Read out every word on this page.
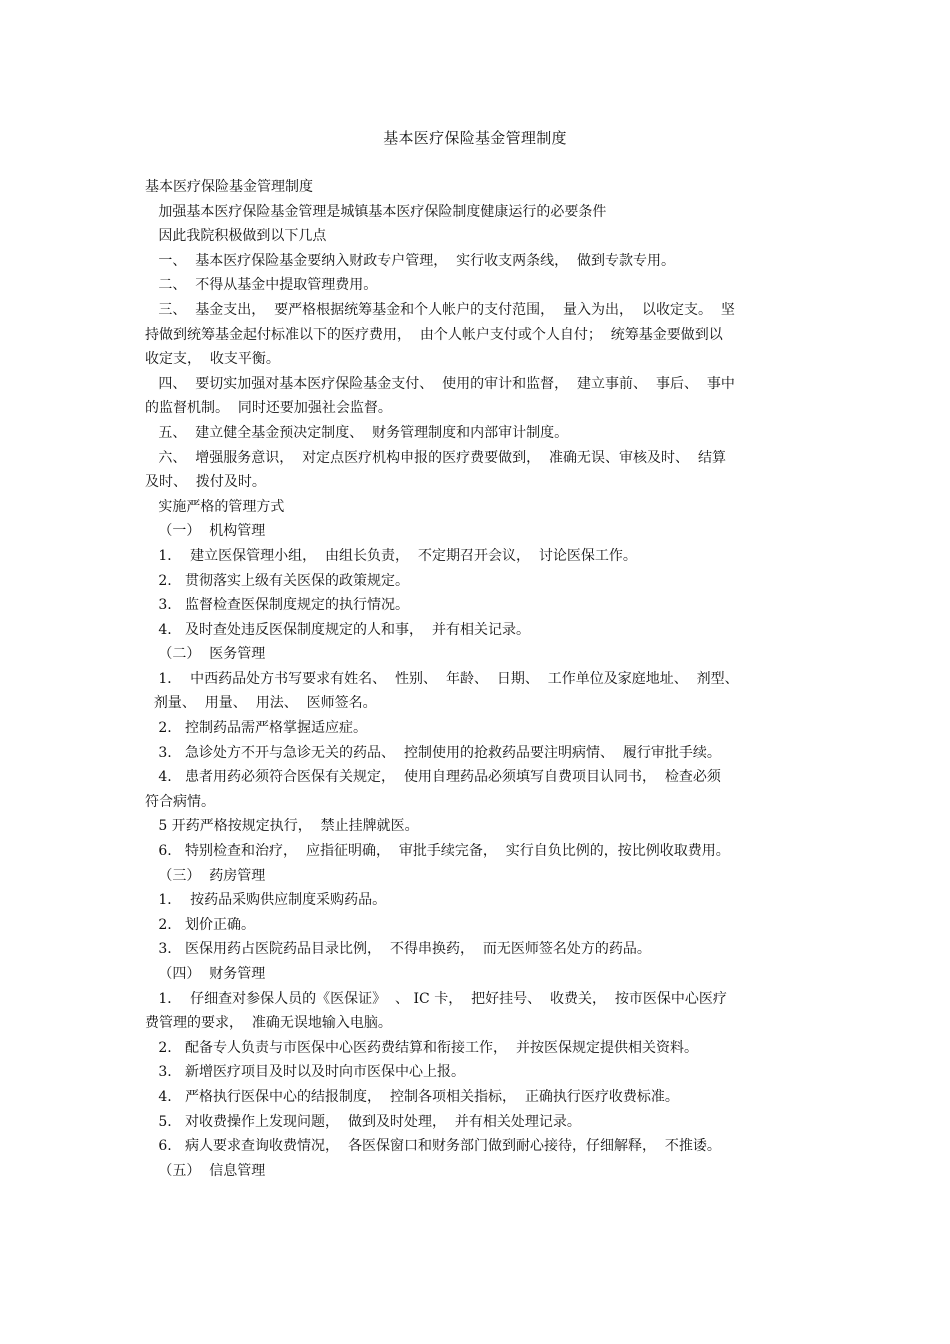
基本医疗保险基金管理制度
基本医疗保险基金管理制度
加强基本医疗保险基金管理是城镇基本医疗保险制度健康运行的必要条件
因此我院积极做到以下几点
一、  基本医疗保险基金要纳入财政专户管理，  实行收支两条线，  做到专款专用。
二、  不得从基金中提取管理费用。
三、  基金支出，  要严格根据统筹基金和个人帐户的支付范围，  量入为出，  以收定支。  坚
持做到统筹基金起付标准以下的医疗费用，  由个人帐户支付或个人自付；  统筹基金要做到以
收定支，  收支平衡。
四、  要切实加强对基本医疗保险基金支付、  使用的审计和监督，  建立事前、  事后、  事中
的监督机制。  同时还要加强社会监督。
五、  建立健全基金预决定制度、  财务管理制度和内部审计制度。
六、  增强服务意识，  对定点医疗机构申报的医疗费要做到，  准确无误、审核及时、  结算
及时、  拨付及时。
实施严格的管理方式
（一）  机构管理
1．  建立医保管理小组，  由组长负责，  不定期召开会议，  讨论医保工作。
2.   贯彻落实上级有关医保的政策规定。
3.   监督检查医保制度规定的执行情况。
4.   及时查处违反医保制度规定的人和事，  并有相关记录。
（二）  医务管理
1．  中西药品处方书写要求有姓名、  性别、  年龄、  日期、  工作单位及家庭地址、  剂型、
剂量、  用量、  用法、  医师签名。
2.   控制药品需严格掌握适应症。
3.   急诊处方不开与急诊无关的药品、  控制使用的抢救药品要注明病情、  履行审批手续。
4.   患者用药必须符合医保有关规定，  使用自理药品必须填写自费项目认同书，  检查必须
符合病情。
5 开药严格按规定执行，  禁止挂牌就医。
6.   特别检查和治疗，  应指征明确，  审批手续完备，  实行自负比例的，按比例收取费用。
（三）  药房管理
1．  按药品采购供应制度采购药品。
2.   划价正确。
3.   医保用药占医院药品目录比例，  不得串换药，  而无医师签名处方的药品。
（四）  财务管理
1．  仔细查对参保人员的《医保证》  、 IC 卡，  把好挂号、  收费关，  按市医保中心医疗
费管理的要求，  准确无误地输入电脑。
2.   配备专人负责与市医保中心医药费结算和衔接工作，  并按医保规定提供相关资料。
3.   新增医疗项目及时以及时向市医保中心上报。
4.   严格执行医保中心的结报制度，  控制各项相关指标，  正确执行医疗收费标准。
5.   对收费操作上发现问题，  做到及时处理，  并有相关处理记录。
6.   病人要求查询收费情况，  各医保窗口和财务部门做到耐心接待，仔细解释，  不推诿。
（五）  信息管理
